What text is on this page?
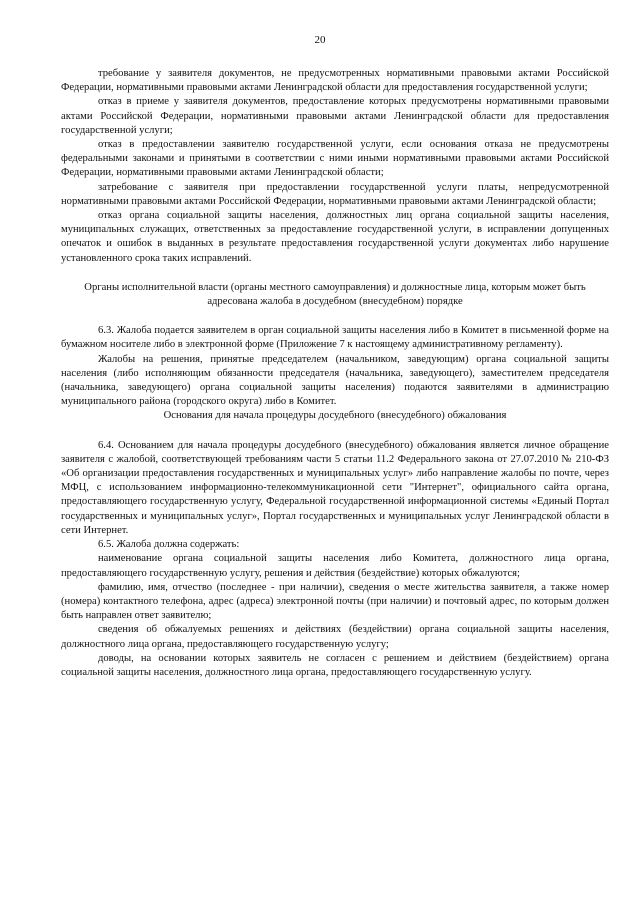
20

требование у заявителя документов, не предусмотренных нормативными правовыми актами Российской Федерации, нормативными правовыми актами Ленинградской области для предоставления государственной услуги;

отказ в приеме у заявителя документов, предоставление которых предусмотрены нормативными правовыми актами Российской Федерации, нормативными правовыми актами Ленинградской области для предоставления государственной услуги;

отказ в предоставлении заявителю государственной услуги, если основания отказа не предусмотрены федеральными законами и принятыми в соответствии с ними иными нормативными правовыми актами Российской Федерации, нормативными правовыми актами Ленинградской области;

затребование с заявителя при предоставлении государственной услуги платы, непредусмотренной нормативными правовыми актами Российской Федерации, нормативными правовыми актами Ленинградской области;

отказ органа социальной защиты населения, должностных лиц органа социальной защиты населения, муниципальных служащих, ответственных за предоставление государственной услуги, в исправлении допущенных опечаток и ошибок в выданных в результате предоставления государственной услуги документах либо нарушение установленного срока таких исправлений.

Органы исполнительной власти (органы местного самоуправления) и должностные лица, которым может быть адресована жалоба в досудебном (внесудебном) порядке

6.3. Жалоба подается заявителем в орган социальной защиты населения либо в Комитет в письменной форме на бумажном носителе либо в электронной форме (Приложение 7 к настоящему административному регламенту).

Жалобы на решения, принятые председателем (начальником, заведующим) органа социальной защиты населения (либо исполняющим обязанности председателя (начальника, заведующего), заместителем председателя (начальника, заведующего) органа социальной защиты населения) подаются заявителями в администрацию муниципального района (городского округа) либо в Комитет.

Основания для начала процедуры досудебного (внесудебного) обжалования

6.4. Основанием для начала процедуры досудебного (внесудебного) обжалования является личное обращение заявителя с жалобой, соответствующей требованиям части 5 статьи 11.2 Федерального закона от 27.07.2010 № 210-ФЗ «Об организации предоставления государственных и муниципальных услуг» либо направление жалобы по почте, через МФЦ, с использованием информационно-телекоммуникационной сети "Интернет", официального сайта органа, предоставляющего государственную услугу, Федеральной государственной информационной системы «Единый Портал государственных и муниципальных услуг», Портал государственных и муниципальных услуг Ленинградской области в сети Интернет.

6.5. Жалоба должна содержать:

наименование органа социальной защиты населения либо Комитета, должностного лица органа, предоставляющего государственную услугу, решения и действия (бездействие) которых обжалуются;

фамилию, имя, отчество (последнее - при наличии), сведения о месте жительства заявителя, а также номер (номера) контактного телефона, адрес (адреса) электронной почты (при наличии) и почтовый адрес, по которым должен быть направлен ответ заявителю;

сведения об обжалуемых решениях и действиях (бездействии) органа социальной защиты населения, должностного лица органа, предоставляющего государственную услугу;

доводы, на основании которых заявитель не согласен с решением и действием (бездействием) органа социальной защиты населения, должностного лица органа, предоставляющего государственную услугу.
